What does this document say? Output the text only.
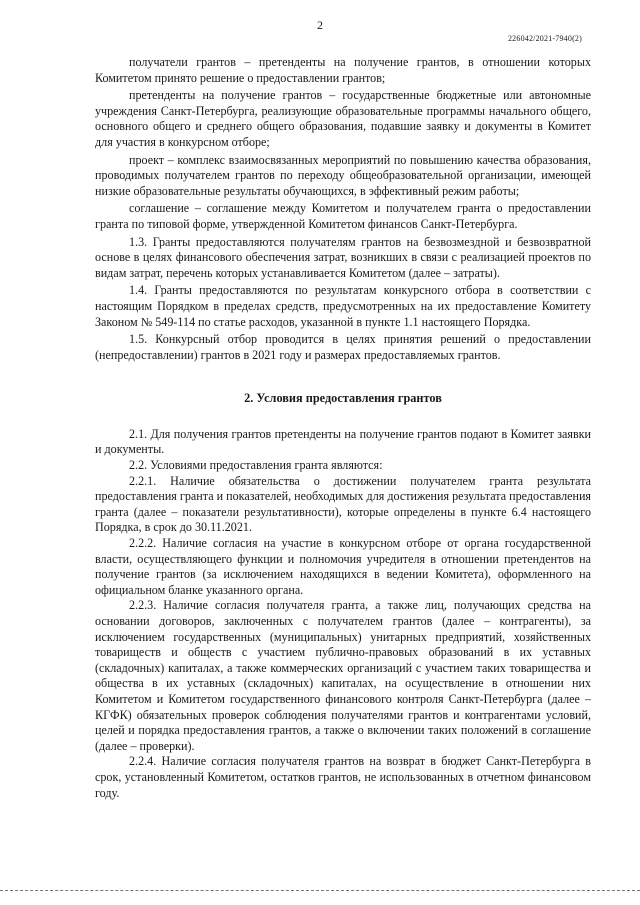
2
226042/2021-7940(2)

получатели грантов – претенденты на получение грантов, в отношении которых Комитетом принято решение о предоставлении грантов;

претенденты на получение грантов – государственные бюджетные или автономные учреждения Санкт-Петербурга, реализующие образовательные программы начального общего, основного общего и среднего общего образования, подавшие заявку и документы в Комитет для участия в конкурсном отборе;

проект – комплекс взаимосвязанных мероприятий по повышению качества образования, проводимых получателем грантов по переходу общеобразовательной организации, имеющей низкие образовательные результаты обучающихся, в эффективный режим работы;

соглашение – соглашение между Комитетом и получателем гранта о предоставлении гранта по типовой форме, утвержденной Комитетом финансов Санкт-Петербурга.

1.3. Гранты предоставляются получателям грантов на безвозмездной и безвозвратной основе в целях финансового обеспечения затрат, возникших в связи с реализацией проектов по видам затрат, перечень которых устанавливается Комитетом (далее – затраты).

1.4. Гранты предоставляются по результатам конкурсного отбора в соответствии с настоящим Порядком в пределах средств, предусмотренных на их предоставление Комитету Законом № 549-114 по статье расходов, указанной в пункте 1.1 настоящего Порядка.

1.5. Конкурсный отбор проводится в целях принятия решений о предоставлении (непредоставлении) грантов в 2021 году и размерах предоставляемых грантов.

2. Условия предоставления грантов

2.1. Для получения грантов претенденты на получение грантов подают в Комитет заявки и документы.

2.2. Условиями предоставления гранта являются:

2.2.1. Наличие обязательства о достижении получателем гранта результата предоставления гранта и показателей, необходимых для достижения результата предоставления гранта (далее – показатели результативности), которые определены в пункте 6.4 настоящего Порядка, в срок до 30.11.2021.

2.2.2. Наличие согласия на участие в конкурсном отборе от органа государственной власти, осуществляющего функции и полномочия учредителя в отношении претендентов на получение грантов (за исключением находящихся в ведении Комитета), оформленного на официальном бланке указанного органа.

2.2.3. Наличие согласия получателя гранта, а также лиц, получающих средства на основании договоров, заключенных с получателем грантов (далее – контрагенты), за исключением государственных (муниципальных) унитарных предприятий, хозяйственных товариществ и обществ с участием публично-правовых образований в их уставных (складочных) капиталах, а также коммерческих организаций с участием таких товарищества и общества в их уставных (складочных) капиталах, на осуществление в отношении них Комитетом и Комитетом государственного финансового контроля Санкт-Петербурга (далее – КГФК) обязательных проверок соблюдения получателями грантов и контрагентами условий, целей и порядка предоставления грантов, а также о включении таких положений в соглашение (далее – проверки).

2.2.4. Наличие согласия получателя грантов на возврат в бюджет Санкт-Петербурга в срок, установленный Комитетом, остатков грантов, не использованных в отчетном финансовом году.
